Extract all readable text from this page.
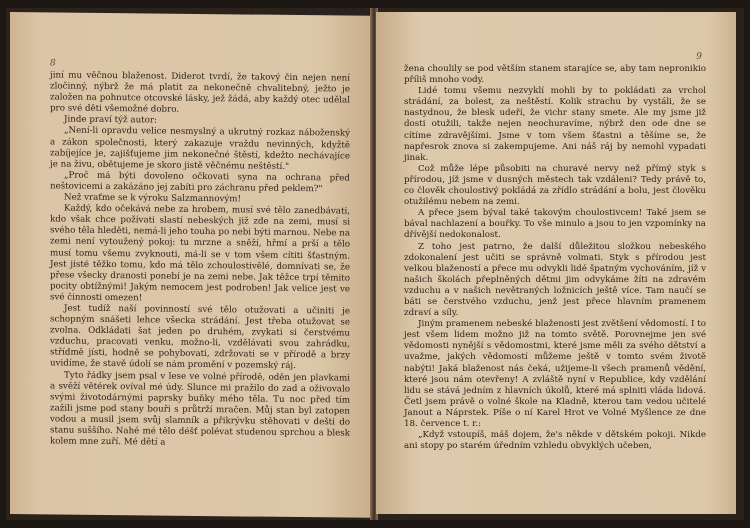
8

jiní mu věčnou blaženost. Diderot tvrdí, že takový čin nejen není zločinný, nýbrž že má platit za nekonečně chvalitebný, ježto je založen na pohnutce otcovské lásky, jež žádá, aby každý otec udělal pro své děti všemožné dobro.

Jinde praví týž autor:

„Není-li opravdu velice nesmyslný a ukrutný rozkaz náboženský a zákon společnosti, který zakazuje vraždu nevinných, kdyžtě zabíjejíce je, zajišťujeme jim nekonečné štěstí, kdežto nechávajíce je na živu, obětujeme je skoro jistě věčnému neštěstí."

„Proč má býti dovoleno očkovati syna na ochrana před neštovicemi a zakázáno jej zabíti pro záchranu před peklem?"

Než vraťme se k výroku Salzmannovým!

Každý, kdo očekává nebe za hrobem, musí své tělo zanedbávati, kdo však chce požívati slastí nebeských již zde na zemi, musí si svého těla hleděti, nemá-li jeho touha po nebi býti marnou. Nebe na zemi není vytoužený pokoj: tu mrzne a sněží, hřmí a prší a tělo musí tomu všemu zvyknouti, má-li se v tom všem cítiti šťastným. Jest jisté těžko tomu, kdo má tělo zchoulostivělé, domnívati se, že přese všecky dranosti ponebí je na zemi nebe. Jak těžce trpí těmito pocity obtížnými! Jakým nemocem jest podroben! Jak velice jest ve své činnosti omezen!

Jest tudíž naší povinností své tělo otužovati a učiniti je schopným snášeti lehce všecka strádání. Jest třeba otužovat se zvolna. Odkládati šat jeden po druhém, zvykati si čerstvému vzduchu, pracovati venku, možno-li, vzdělávati svou zahrádku, střídmě jísti, hodně se pohybovati, zdržovati se v přírodě a brzy uvidíme, že stavě údolí se nám promění v pozemský ráj.

Tyto řádky jsem psal v lese ve volné přírodě, oděn jen plavkami a svěží větérek ovíval mé údy. Slunce mi pražilo do zad a oživovalo svými životodárnými paprsky buňky mého těla. Tu noc před tím zažili jsme pod stany bouři s průtrží mračen. Můj stan byl zatopen vodou a musil jsem svůj slamník a přikrývku stěhovati v dešti do stanu suššího. Nahé mé tělo déšť polévat studenou sprchou a blesk kolem mne zuří. Mé dětí a

9

žena choulily se pod větším stanem starajíce se, aby tam nepronikio příliš mnoho vody.

Lidé tomu všemu nezvyklí mohli by to pokládati za vrchol strádání, za bolest, za neštěstí. Kolik strachu by vystáli, že se nastydnou, že blesk udeří, že vichr stany smete. Ale my jsme již dosti otužili, takže nejen neochuravíme, nýbrž den ode dne se cítíme zdravějšími. Jsme v tom všem šťastni a těšíme se, že napřesrok znova si zakempujeme. Ani náš ráj by nemohl vypadati jinak.

Což může lépe působiti na churavé nervy než přímý styk s přírodou, jíž jsme v dusných městech tak vzdáleni? Tedy právě to, co člověk choulostivý pokládá za zřídlo strádání a bolu, jest člověku otužilému nebem na zemi.

A přece jsem býval také takovým choulostivcem! Také jsem se bával nachlazení a bouřky. To vše minulo a jsou to jen vzpomínky na dřívější nedokonalost.

Z toho jest patrno, že další důležitou složkou nebeského zdokonalení jest učiti se správně volmati. Styk s přírodou jest velkou blažeností a přece mu odvykli lidé špatným vychováním, jíž v našich školách přeplněných dětmi jim odvykáme žíti na zdravém vzduchu a v našich nevětraných ložnicích ještě více. Tam naučí se báti se čerstvého vzduchu, jenž jest přece hlavním pramenem zdraví a síly.

Jiným pramenem nebeské blaženosti jest zvětšení vědomostí. I to jest všem lidem možno již na tomto světě. Porovnejme jen své vědomosti nynější s vědomostmi, které jsme měli za svého dětství a uvažme, jakých vědomostí můžeme ještě v tomto svém životě nabýti! Jaká blaženost nás čeká, užijeme-li všech pramenů vědění, které jsou nám otevřeny! A zvláště nyní v Republice, kdy vzdělání lidu se stává jedním z hlavních úkolů, které má splniti vláda lidová. Četl jsem právě o volné škole na Kladně, kterou tam vedou učitelé Janout a Náprstek. Píše o ní Karel Hrot ve Volné Myšlence ze dne 18. července t. r.:

„Když vstoupíš, máš dojem, že's někde v dětském pokoji. Nikde ani stopy po starém úředním vzhledu obvyklých učeben,
